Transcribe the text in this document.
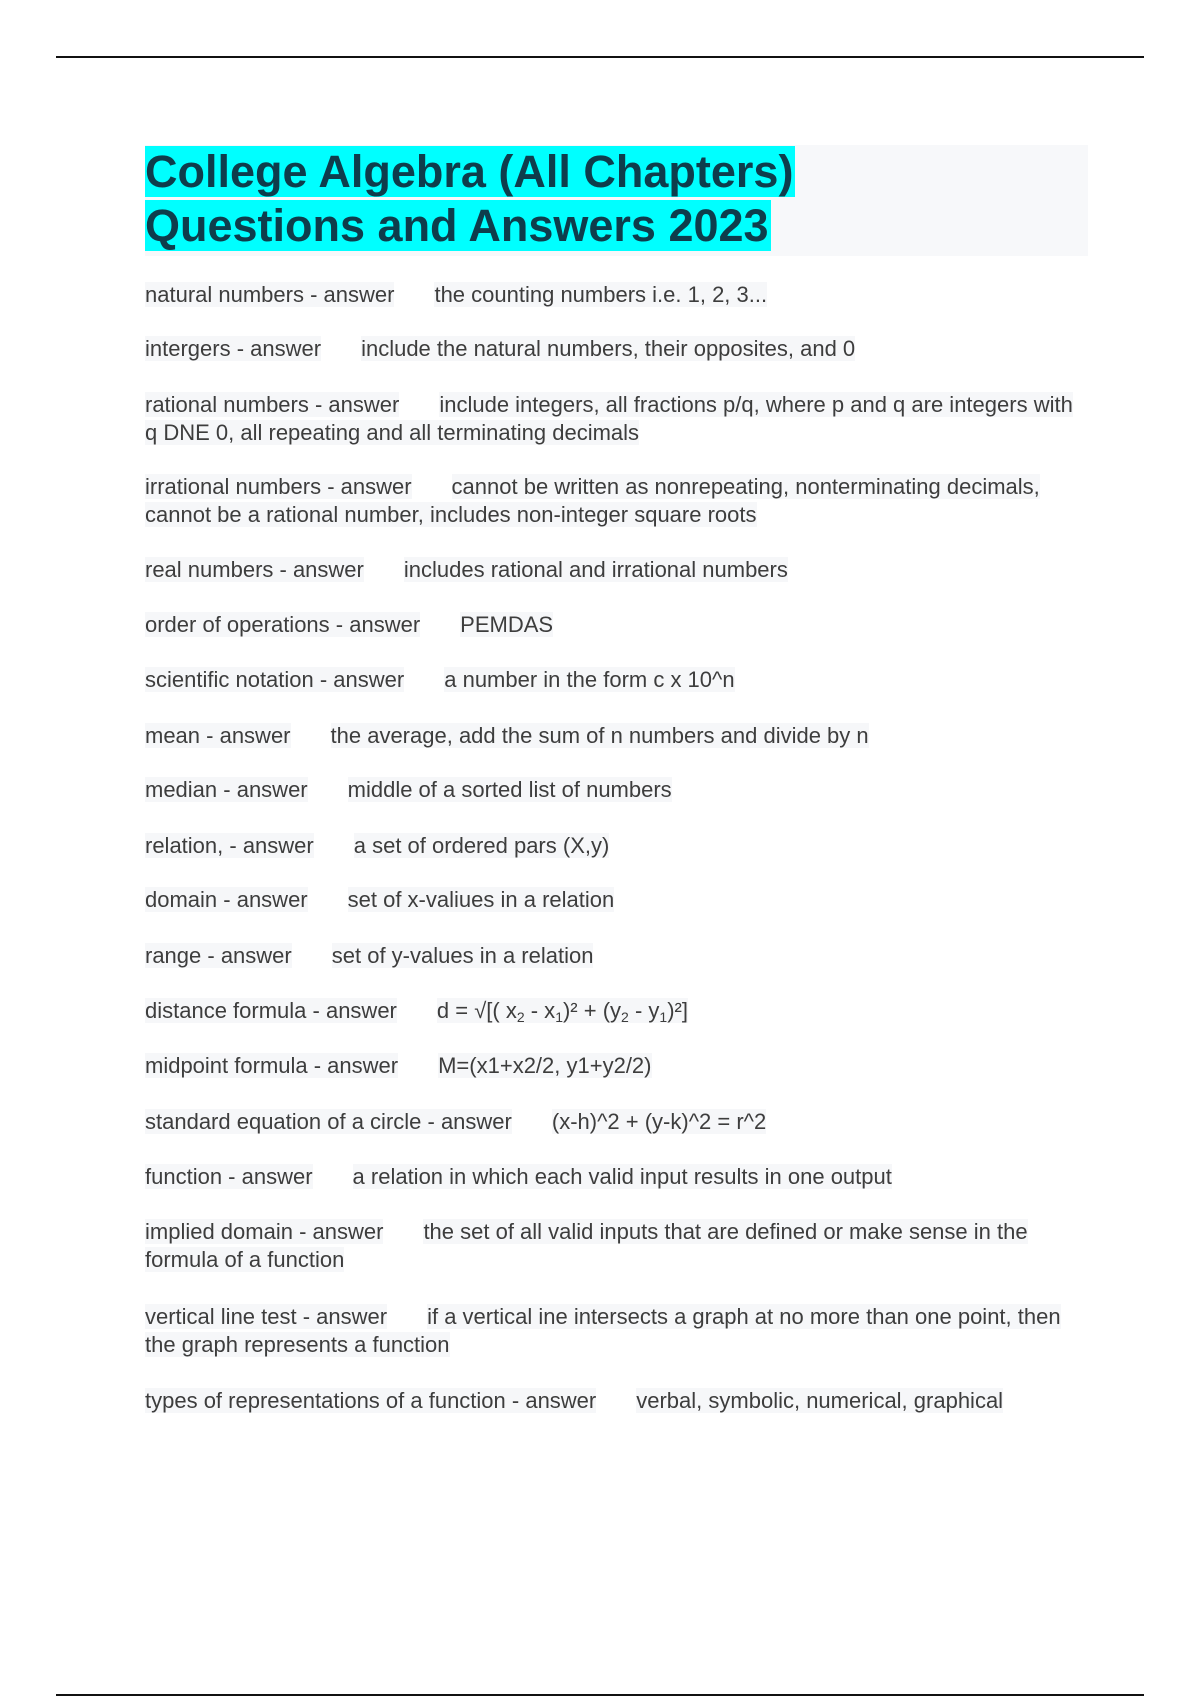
College Algebra (All Chapters)
Questions and Answers 2023
natural numbers - answer the counting numbers i.e. 1, 2, 3...
intergers - answer include the natural numbers, their opposites, and 0
rational numbers - answer include integers, all fractions p/q, where p and q are integers with q DNE 0, all repeating and all terminating decimals
irrational numbers - answer cannot be written as nonrepeating, nonterminating decimals, cannot be a rational number, includes non-integer square roots
real numbers - answer includes rational and irrational numbers
order of operations - answer PEMDAS
scientific notation - answer a number in the form c x 10^n
mean - answer the average, add the sum of n numbers and divide by n
median - answer middle of a sorted list of numbers
relation, - answer a set of ordered pars (X,y)
domain - answer set of x-valiues in a relation
range - answer set of y-values in a relation
distance formula - answer d = √[( $x_2 - x_1)^2 + (y_2 - y_1)^2$]
midpoint formula - answer M=(x1+x2/2, y1+y2/2)
standard equation of a circle - answer (x-h)^2 + (y-k)^2 = r^2
function - answer a relation in which each valid input results in one output
implied domain - answer the set of all valid inputs that are defined or make sense in the formula of a function
vertical line test - answer if a vertical ine intersects a graph at no more than one point, then the graph represents a function
types of representations of a function - answer verbal, symbolic, numerical, graphical
